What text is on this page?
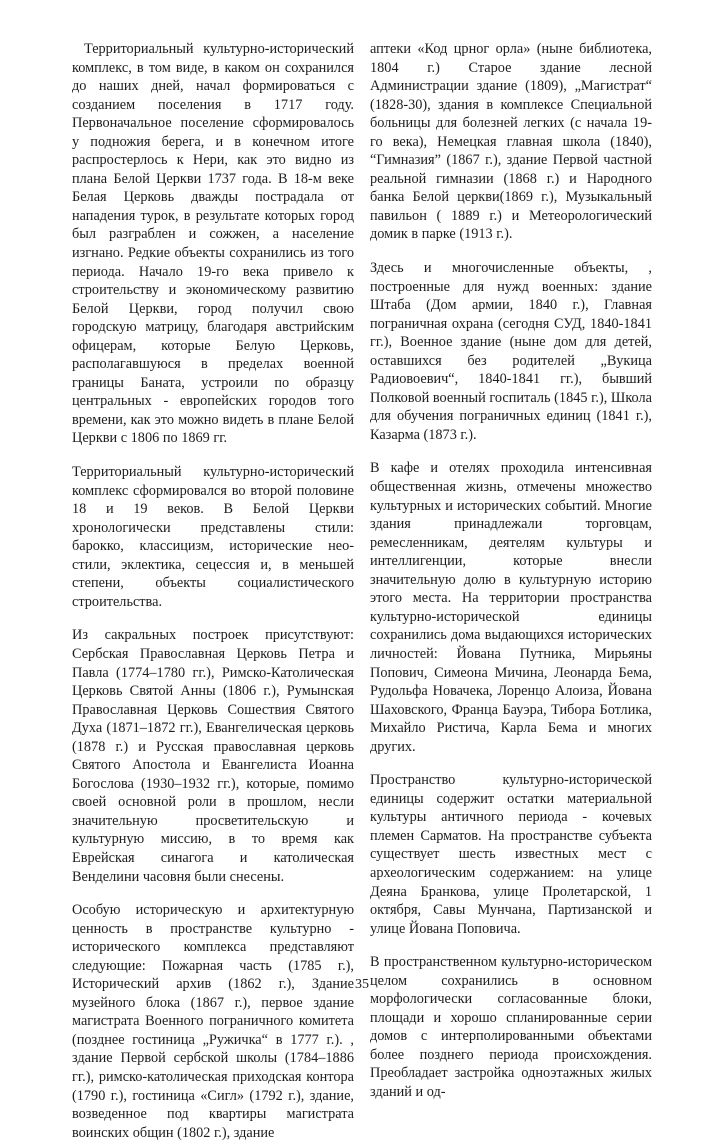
Территориальный культурно-исторический комплекс, в том виде, в каком он сохранился до наших дней, начал формироваться с созданием поселения в 1717 году. Первоначальное поселение сформировалось у подножия берега, и в конечном итоге распростерлось к Нери, как это видно из плана Белой Церкви 1737 года. В 18-м веке Белая Церковь дважды пострадала от нападения турок, в результате которых город был разграблен и сожжен, а население изгнано. Редкие объекты сохранились из того периода. Начало 19-го века привело к строительству и экономическому развитию Белой Церкви, город получил свою городскую матрицу, благодаря австрийским офицерам, которые Белую Церковь, располагавшуюся в пределах военной границы Баната, устроили по образцу центральных - европейских городов того времени, как это можно видеть в плане Белой Церкви с 1806 по 1869 гг.

Территориальный культурно-исторический комплекс сформировался во второй половине 18 и 19 веков. В Белой Церкви хронологически представлены стили: барокко, классицизм, исторические нео-стили, эклектика, сецессия и, в меньшей степени, объекты социалистического строительства.

Из сакральных построек присутствуют: Сербская Православная Церковь Петра и Павла (1774–1780 гг.), Римско-Католическая Церковь Святой Анны (1806 г.), Румынская Православная Церковь Сошествия Святого Духа (1871–1872 гг.), Евангелическая церковь (1878 г.) и Русская православная церковь Святого Апостола и Евангелиста Иоанна Богослова (1930–1932 гг.), которые, помимо своей основной роли в прошлом, несли значительную просветительскую и культурную миссию, в то время как Еврейская синагога и католическая Венделини часовня были снесены.

Особую историческую и архитектурную ценность в пространстве культурно - исторического комплекса представляют следующие: Пожарная часть (1785 г.), Исторический архив (1862 г.), Здание музейного блока (1867 г.), первое здание магистрата Военного пограничного комитета (позднее гостиница „Ружичка“ в 1777 г.). , здание Первой сербской школы (1784–1886 гг.), римско-католическая приходская контора (1790 г.), гостиница «Сигл» (1792 г.), здание, возведенное под квартиры магистрата воинских общин (1802 г.), здание

аптеки «Код црног орла» (ныне библиотека, 1804 г.) Старое здание лесной Администрации здание (1809), „Магистрат“ (1828-30), здания в комплексе Специальной больницы для болезней легких (с начала 19-го века), Немецкая главная школа (1840), “Гимназия” (1867 г.), здание Первой частной реальной гимназии (1868 г.) и Народного банка Белой церкви(1869 г.), Музыкальный павильон ( 1889 г.) и Метеорологический домик в парке (1913 г.).

Здесь и многочисленные объекты, , построенные для нужд военных: здание Штаба (Дом армии, 1840 г.), Главная пограничная охрана (сегодня СУД, 1840-1841 гг.), Военное здание (ныне дом для детей, оставшихся без родителей „Вукица Радиовоевич“, 1840-1841 гг.), бывший Полковой военный госпиталь (1845 г.), Школа для обучения пограничных единиц (1841 г.), Казарма (1873 г.).

В кафе и отелях проходила интенсивная общественная жизнь, отмечены множество культурных и исторических событий. Многие здания принадлежали торговцам, ремесленникам, деятелям культуры и интеллигенции, которые внесли значительную долю в культурную историю этого места. На территории пространства культурно-исторической единицы сохранились дома выдающихся исторических личностей: Йована Путника, Мирьяны Попович, Симеона Мичина, Леонарда Бема, Рудольфа Новачека, Лоренцо Алоиза, Йована Шаховского, Франца Бауэра, Тибора Ботлика, Михайло Ристича, Карла Бема и многих других.

Пространство культурно-исторической единицы содержит остатки материальной культуры античного периода - кочевых племен Сарматов. На пространстве субъекта существует шесть известных мест с археологическим содержанием: на улице Деяна Бранкова, улице Пролетарской, 1 октября, Савы Мунчана, Партизанской и улице Йована Поповича.

В пространственном культурно-историческом целом сохранились в основном морфологически согласованные блоки, площади и хорошо спланированные серии домов с интерполированными объектами более позднего периода происхождения. Преобладает застройка одноэтажных жилых зданий и од-

35
